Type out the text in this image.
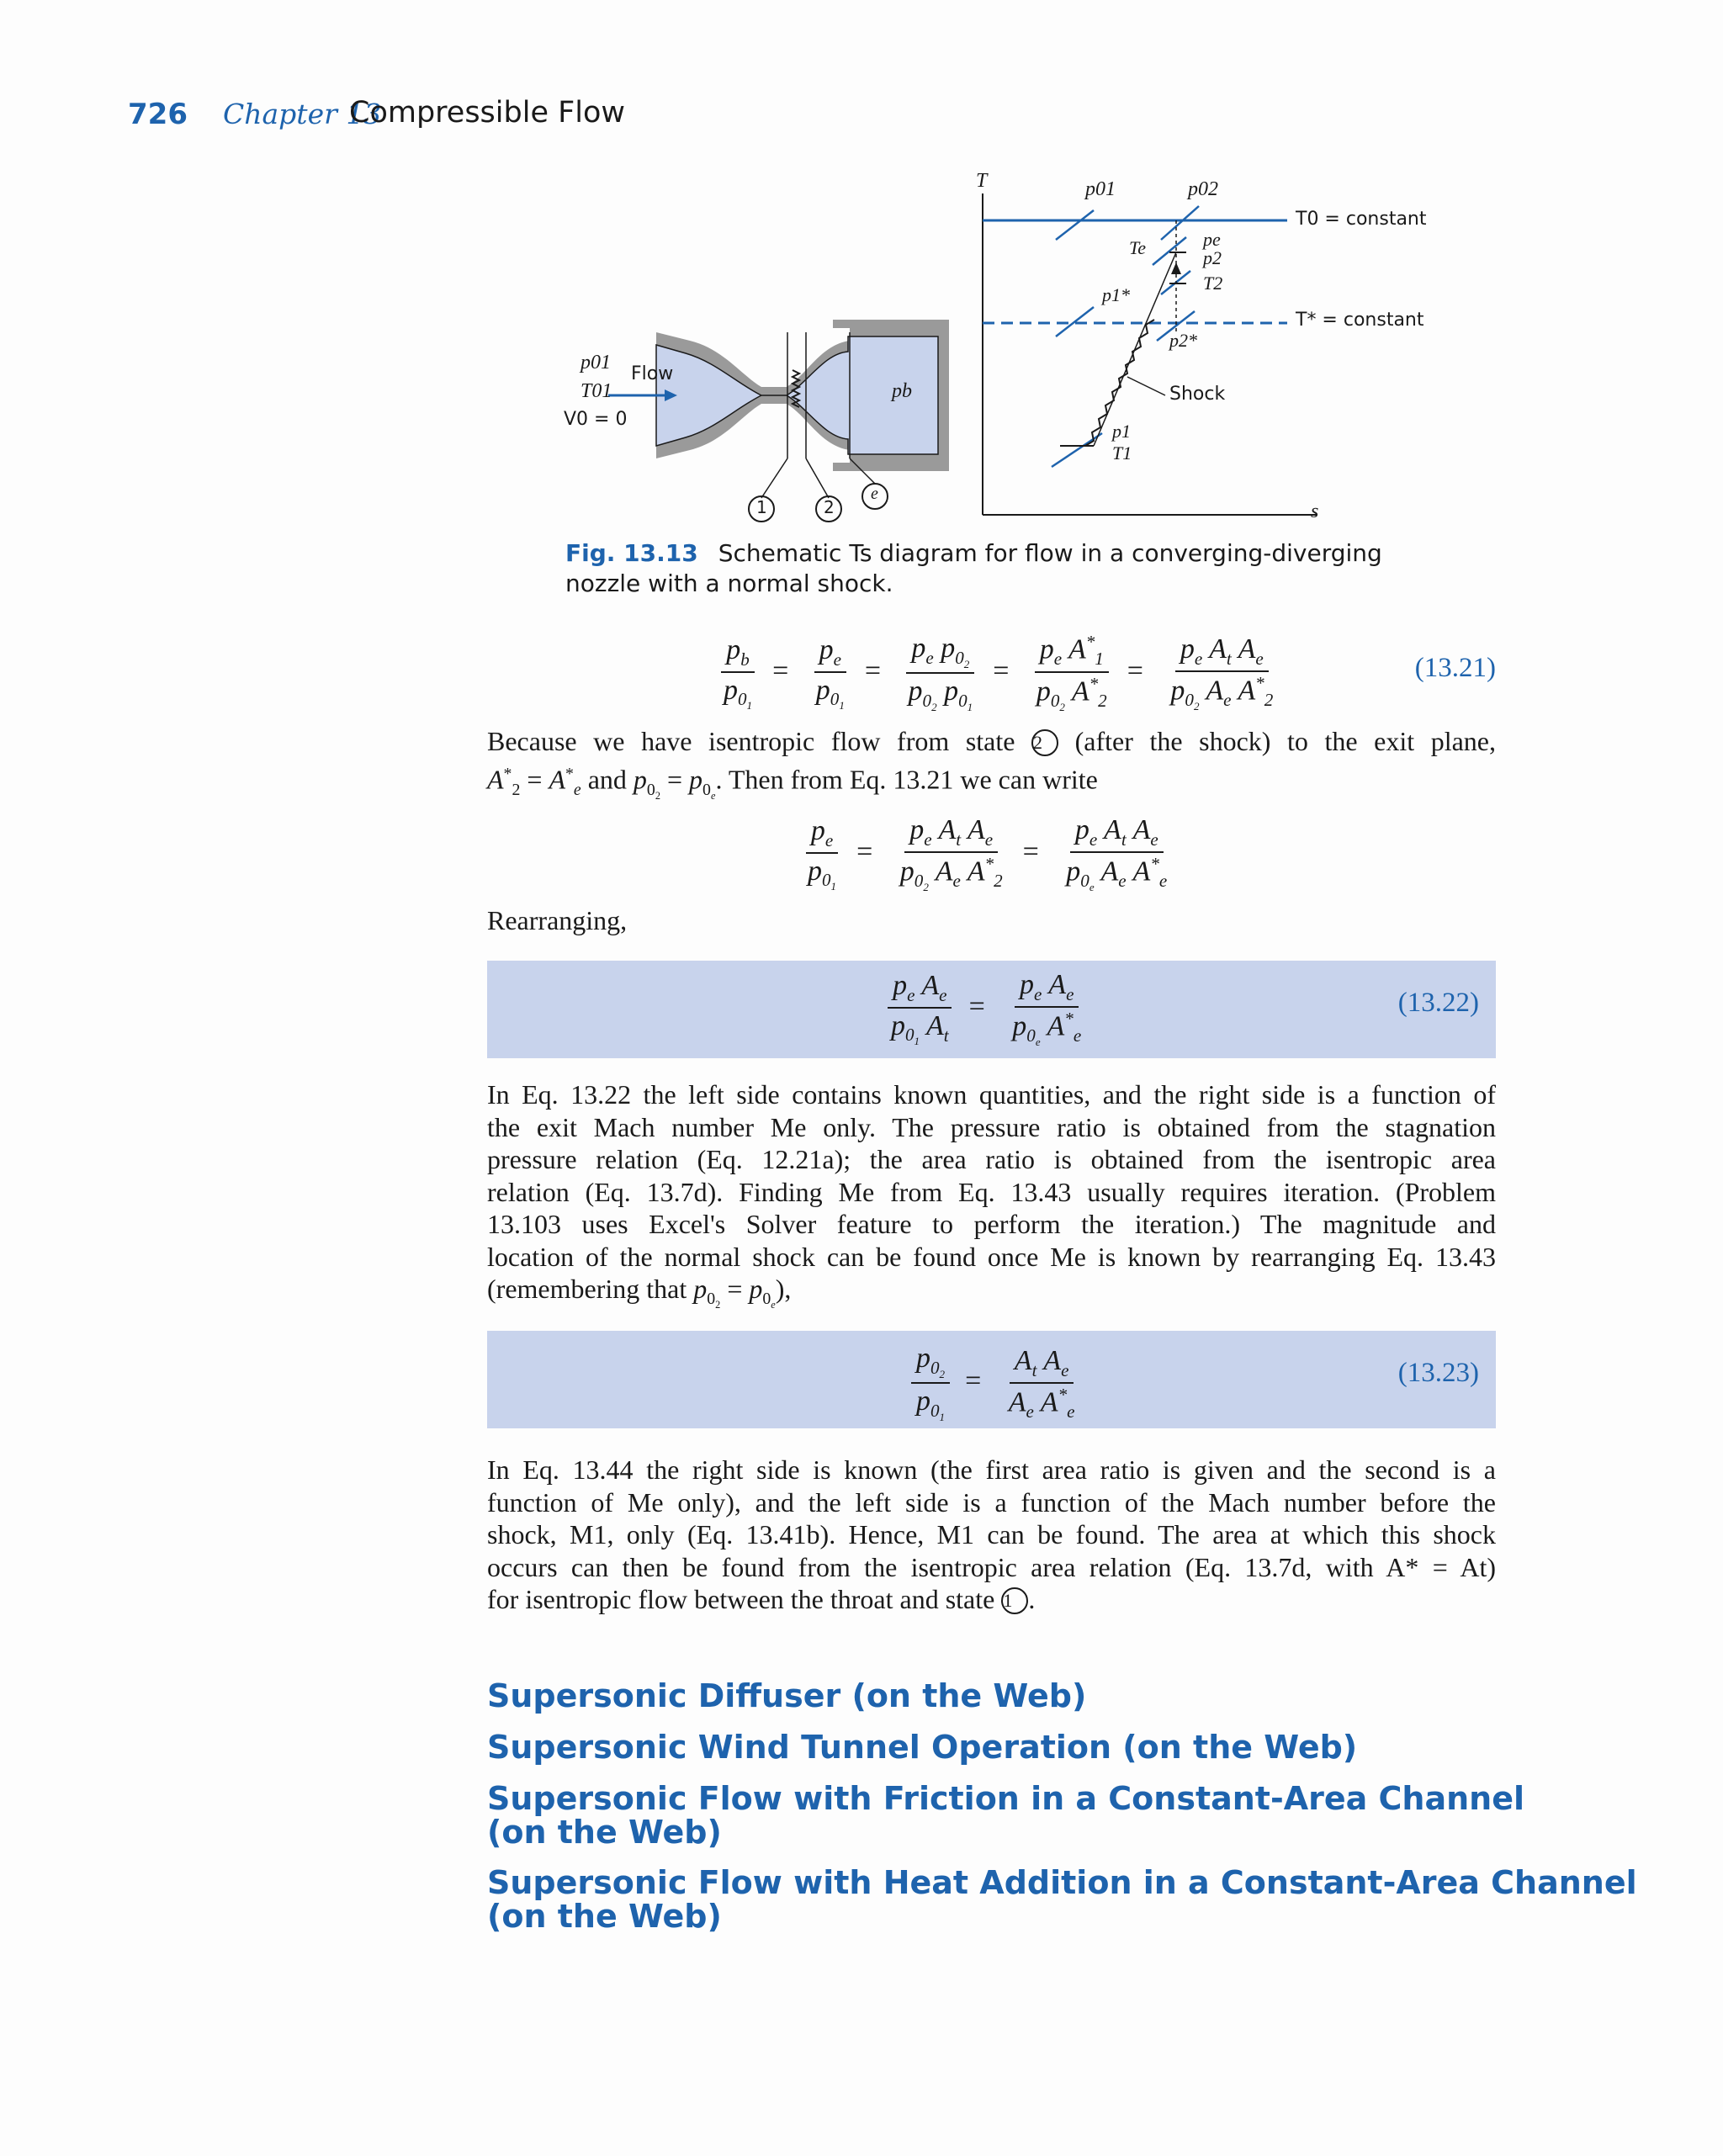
726 Chapter 13
Compressible Flow
p01
T01
V0 = 0
Flow
pb
1	2
e
T
s
p01	p02
pe
Te	p2
T2
p1*
p2*
T0 = constant
T* = constant
Shock
p1
T1
Fig. 13.13 Schematic Ts diagram for flow in a converging-diverging nozzle with a normal shock.
$\frac{p_b}{p_{0_1}} = \frac{p_e}{p_{0_1}} = \frac{p_e p_{0_2}}{p_{0_2} p_{0_1}} = \frac{p_e A^*_1}{p_{0_2} A^*_2} = \frac{p_e A_t A_e}{p_{0_2} A_e A^*_2}$	(13.21)
Because we have isentropic flow from state 2 (after the shock) to the exit plane,
$A^*_2 = A^*_e$ and $p_{0_2} = p_{0_e}$. Then from Eq. 13.21 we can write
$\frac{p_e}{p_{0_1}} = \frac{p_e A_t A_e}{p_{0_2} A_e A^*_2} = \frac{p_e A_t A_e}{p_{0_e} A_e A^*_e}$
Rearranging,
$\frac{p_e A_e}{p_{0_1} A_t} = \frac{p_e A_e}{p_{0_e} A^*_e}$	(13.22)
In Eq. 13.22 the left side contains known quantities, and the right side is a function of
the exit Mach number Me only. The pressure ratio is obtained from the stagnation
pressure relation (Eq. 12.21a); the area ratio is obtained from the isentropic area
relation (Eq. 13.7d). Finding Me from Eq. 13.43 usually requires iteration. (Problem
13.103 uses Excel's Solver feature to perform the iteration.) The magnitude and
location of the normal shock can be found once Me is known by rearranging Eq. 13.43
(remembering that $p_{0_2} = p_{0_e}$),
$\frac{p_{0_2}}{p_{0_1}} = \frac{A_t A_e}{A_e A^*_e}$	(13.23)
In Eq. 13.44 the right side is known (the first area ratio is given and the second is a
function of Me only), and the left side is a function of the Mach number before the
shock, M1, only (Eq. 13.41b). Hence, M1 can be found. The area at which this shock
occurs can then be found from the isentropic area relation (Eq. 13.7d, with A* = At)
for isentropic flow between the throat and state 1 .
Supersonic Diffuser (on the Web)
Supersonic Wind Tunnel Operation (on the Web)
Supersonic Flow with Friction in a Constant-Area Channel
(on the Web)
Supersonic Flow with Heat Addition in a Constant-Area Channel
(on the Web)
